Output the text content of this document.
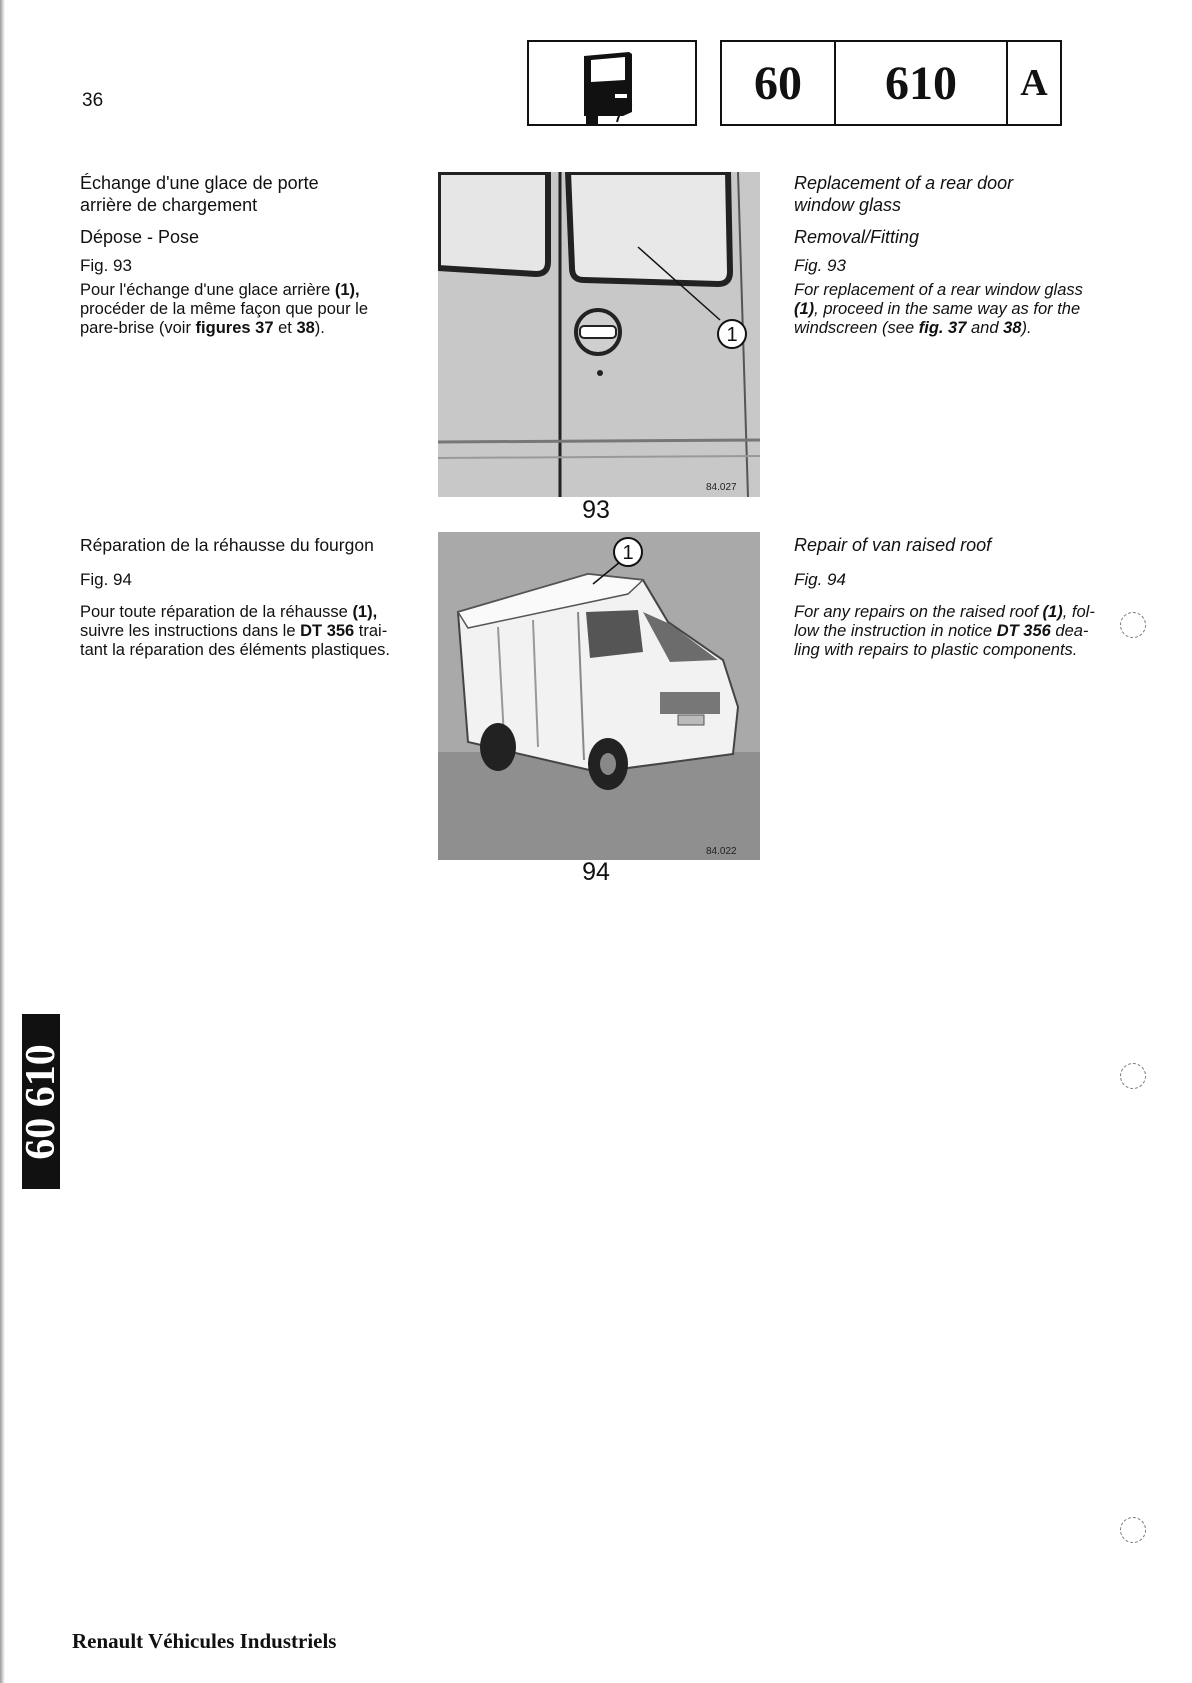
36	60	610	A
Échange d'une glace de porte
arrière de chargement
Dépose - Pose
Fig. 93
Pour l'échange d'une glace arrière (1),
procéder de la même façon que pour le
pare-brise (voir figures 37 et 38).	1
84.027
93
Replacement of a rear door
window glass
Removal/Fitting
Fig. 93
For replacement of a rear window glass
(1), proceed in the same way as for the
windscreen (see fig. 37 and 38).
Réparation de la réhausse du fourgon
Fig. 94
Pour toute réparation de la réhausse (1),
suivre les instructions dans le DT 356 trai-
tant la réparation des éléments plastiques.
1
84.022
94
Repair of van raised roof
Fig. 94
For any repairs on the raised roof (1), fol-
low the instruction in notice DT 356 dea-
ling with repairs to plastic components.
60 610
Renault Véhicules Industriels
